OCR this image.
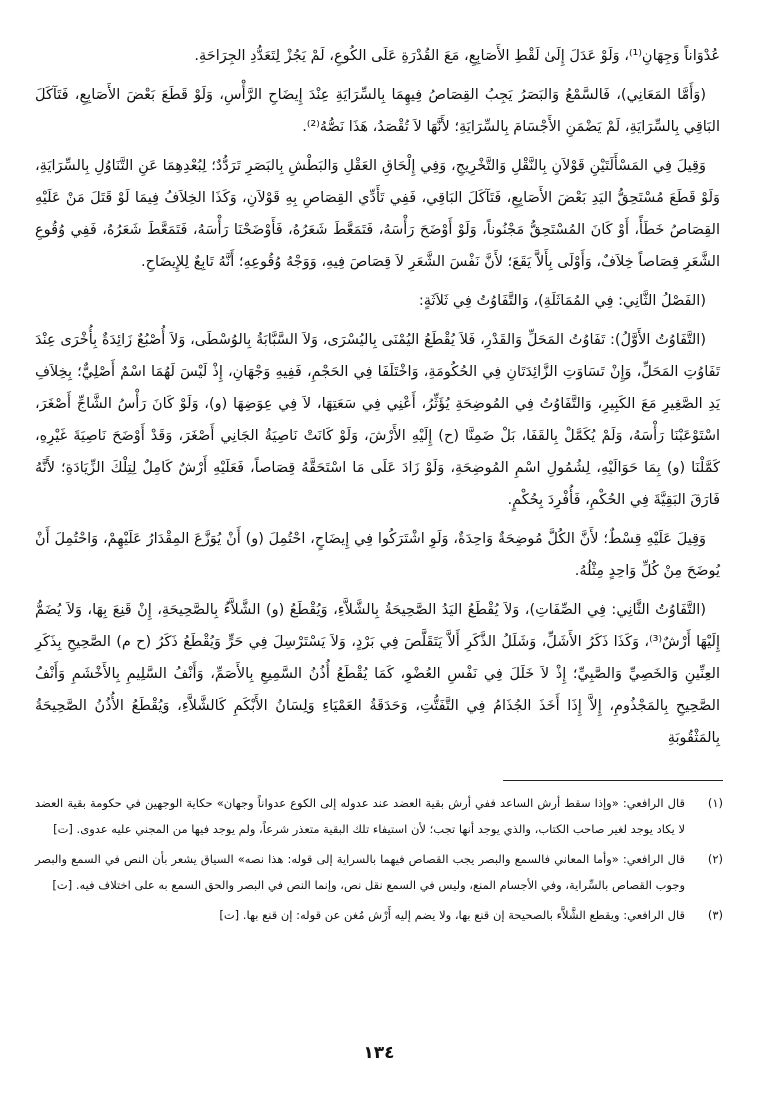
عُدْوَاناً وَجِهَانِ⁽¹⁾، وَلَوْ عَدَلَ إِلَىٰ لَقْطِ الأَصَابِعِ، مَعَ القُدْرَةِ عَلَى الكُوعِ، لَمْ يَجُزْ لِتَعَدُّدِ الجِرَاحَةِ.

(وَأَمَّا المَعَانِي)، فَالسَّمْعُ وَالبَصَرُ يَجِبُ القِصَاصُ فِيهِمَا بِالسِّرَايَةِ عِنْدَ إِيضَاحِ الرَّأْسِ، وَلَوْ قَطَعَ بَعْضَ الأَصَابِعِ، فَتَآكَلَ البَاقِي بِالسِّرَايَةِ، لَمْ يَضْمَنِ الأَجْسَامَ بِالسِّرَايَةِ؛ لأَنَّهَا لاَ تُقْصَدُ، هَذَا نَصُّهُ⁽²⁾.

وَقِيلَ فِي المَسْأَلَتَيْنِ قَوْلاَنِ بِالنَّقْلِ وَالتَّخْرِيجِ، وَفِي إِلْحَاقِ العَقْلِ وَالبَطْشِ بِالبَصَرِ تَرَدُّدٌ؛ لِبُعْدِهِمَا عَنِ التَّنَاوُلِ بِالسِّرَايَةِ، وَلَوْ قَطَعَ مُسْتَحِقُّ اليَدِ بَعْضَ الأَصَابِعِ، فَتَآكَلَ البَاقِي، فَفِي تَأَدِّي القِصَاصِ بِهِ قَوْلاَنِ، وَكَذَا الخِلاَفُ فِيمَا لَوْ قَتَلَ مَنْ عَلَيْهِ القِصَاصُ خَطَأً، أَوْ كَانَ المُسْتَحِقُّ مَجْنُوناً، وَلَوْ أَوْضَحَ رَأْسَهُ، فَتَمَعَّطَ شَعَرُهُ، فَأَوْضَحْنَا رَأْسَهُ، فَتَمَعَّطَ شَعَرُهُ، فَفِي وُقُوعِ الشَّعَرِ قِصَاصاً خِلاَفٌ، وَأَوْلَى بِأَلاَّ يَقَعَ؛ لأَنَّ نَفْسَ الشَّعَرِ لاَ قِصَاصَ فِيهِ، وَوَجْهُ وُقُوعِهِ؛ أَنَّهُ تَابِعٌ لِلإِيضَاحِ.

(الفَصْلُ الثَّانِي: فِي المُمَاثَلَةِ)، وَالتَّفَاوُتُ فِي ثَلاَثَةٍ:

(التَّفَاوُتُ الأَوَّلُ): تَفَاوُتُ المَحَلِّ وَالقَدْرِ، فَلاَ يُقْطَعُ اليُمْنَى بِاليُسْرَى، وَلاَ السَّبَّابَةُ بِالوُسْطَى، وَلاَ أُصْبُعٌ زَائِدَةٌ بِأُخْرَى عِنْدَ تَفَاوُتِ المَحَلِّ، وَإِنْ تَسَاوَتِ الزَّائِدَتَانِ فِي الحُكُومَةِ، وَاخْتَلَفَا فِي الحَجْمِ، فَفِيهِ وَجْهَانِ، إِذْ لَيْسَ لَهُمَا اسْمٌ أَصْلِيٌّ؛ بِخِلاَفِ يَدِ الصَّغِيرِ مَعَ الكَبِيرِ، وَالتَّفَاوُتُ فِي المُوضِحَةِ يُؤَثِّرُ، أَعْنِي فِي سَعَتِهَا، لاَ فِي عِوَضِهَا (و)، وَلَوْ كَانَ رَأْسُ الشَّاجِّ أَصْغَرَ، اسْتَوْعَبْنَا رَأْسَهُ، وَلَمْ يُكَمَّلْ بِالقَفَا، بَلْ ضَمِنَّا (ح) إِلَيْهِ الأَرْشَ، وَلَوْ كَانَتْ نَاصِيَةُ الجَانِي أَصْغَرَ، وَقَدْ أَوْضَحَ نَاصِيَةَ غَيْرِهِ، كَمَّلْنَا (و) بِمَا حَوَالَيْهِ، لِشُمُولِ اسْمِ المُوضِحَةِ، وَلَوْ زَادَ عَلَى مَا اسْتَحَقَّهُ قِصَاصاً، فَعَلَيْهِ أَرْشٌ كَامِلٌ لِتِلْكَ الزِّيَادَةِ؛ لأَنَّهُ فَارَقَ البَقِيَّةَ فِي الحُكْمِ، فَأُفْرِدَ بِحُكْمٍ.

وَقِيلَ عَلَيْهِ قِسْطٌ؛ لأَنَّ الكُلَّ مُوضِحَةٌ وَاحِدَةٌ، وَلَوِ اشْتَرَكُوا فِي إِيضَاحٍ، احْتُمِلَ (و) أَنْ يُوَزَّعَ المِقْدَارُ عَلَيْهِمْ، وَاحْتُمِلَ أَنْ يُوضَحَ مِنْ كُلِّ وَاحِدٍ مِثْلُهُ.

(التَّفَاوُتُ الثَّانِي: فِي الصِّفَاتِ)، وَلاَ يُقْطَعُ اليَدُ الصَّحِيحَةُ بِالشَّلاَّءِ، وَيُقْطَعُ (و) الشَّلاَّءُ بِالصَّحِيحَةِ، إِنْ قَنِعَ بِهَا، وَلاَ يُضَمُّ إِلَيْهَا أَرْشٌ⁽³⁾، وَكَذَا ذَكَرُ الأَشَلِّ، وَشَلَلُ الذَّكَرِ أَلاَّ يَتَقَلَّصَ فِي بَرْدٍ، وَلاَ يَسْتَرْسِلَ فِي حَرٍّ وَيُقْطَعُ ذَكَرُ (ح م) الصَّحِيحِ بِذَكَرِ العِنِّينِ وَالخَصِيِّ وَالصَّبِيِّ؛ إِذْ لاَ خَلَلَ فِي نَفْسِ العُضْوِ، كَمَا يُقْطَعُ أُذُنُ السَّمِيعِ بِالأَصَمِّ، وَأَنْفُ السَّلِيمِ بِالأَخْشَمِ وَأَنْفُ الصَّحِيحِ بِالمَجْذُومِ، إِلاَّ إِذَا أَخَذَ الجُذَامُ فِي التَّفَتُّتِ، وَحَدَقَةُ العَمْيَاءِ وَلِسَانُ الأَبْكَمِ كَالشَّلاَّءِ، وَيُقْطَعُ الأُذُنُ الصَّحِيحَةُ بِالمَثْقُوبَةِ

(١)
قال الرافعي: «وإذا سقط أرش الساعد ففي أرش بقية العضد عند عدوله إلى الكوع عدواناً وجهان» حكاية الوجهين في حكومة بقية العضد لا يكاد يوجد لغير صاحب الكتاب، والذي يوجد أنها تجب؛ لأن استيفاء تلك البقية متعذر شرعاً، ولم يوجد فيها من المجني عليه عدوى. [ت]
(٢)
قال الرافعي: «وأما المعاني فالسمع والبصر يجب القصاص فيهما بالسراية إلى قوله: هذا نصه» السياق يشعر بأن النص في السمع والبصر وجوب القصاص بالسِّراية، وفي الأجسام المنع، وليس في السمع نقل نص، وإنما النص في البصر والحق السمع به على اختلاف فيه. [ت]
(٣)
قال الرافعي: ويقطع الشَّلاَّء بالصحيحة إن قنع بها، ولا يضم إليه أَرْش مُغن عن قوله: إن قنع بها. [ت]
١٣٤
